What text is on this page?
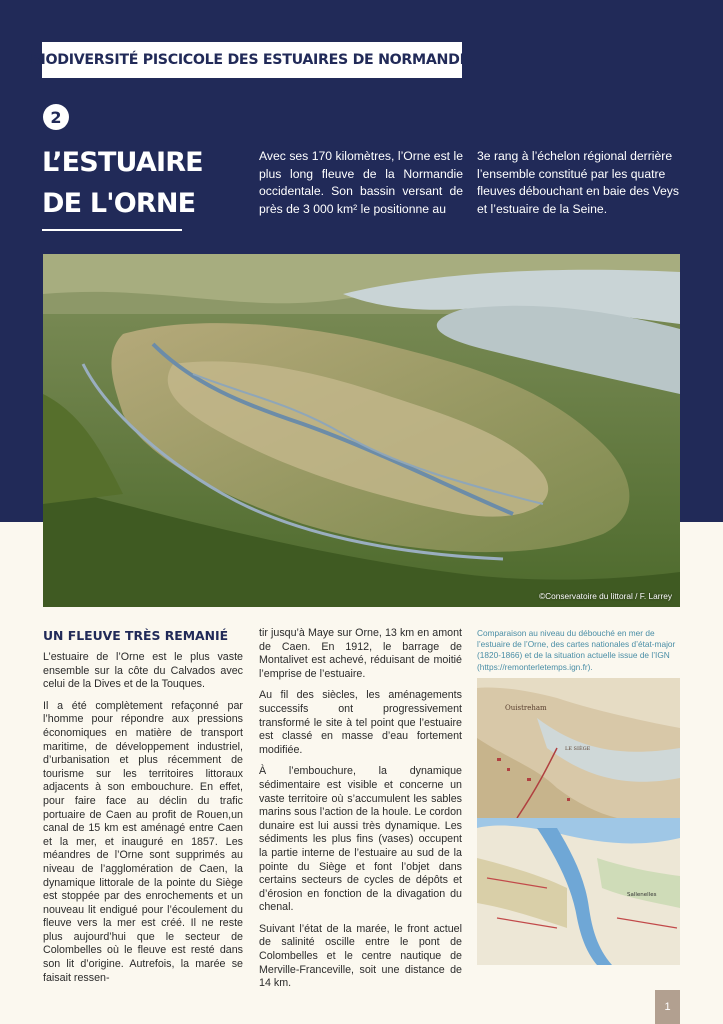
BIODIVERSITÉ PISCICOLE DES ESTUAIRES DE NORMANDIE
2
L’ESTUAIRE
DE L'ORNE
Avec ses 170 kilomètres, l’Orne est le plus long fleuve de la Normandie occidentale. Son bassin versant de près de 3 000 km² le positionne au
3e rang à l’échelon régional derrière l’ensemble constitué par les quatre fleuves débouchant en baie des Veys et l’estuaire de la Seine.
©Conservatoire du littoral / F. Larrey
UN FLEUVE TRÈS REMANIÉ

L’estuaire de l’Orne est le plus vaste ensemble sur la côte du Calvados avec celui de la Dives et de la Touques.

Il a été complètement refaçonné par l’homme pour répondre aux pressions économiques en matière de transport maritime, de développement industriel, d’urbanisation et plus récemment de tourisme sur les territoires littoraux adjacents à son embouchure. En effet, pour faire face au déclin du trafic portuaire de Caen au profit de Rouen,un canal de 15 km est aménagé entre Caen et la mer, et inauguré en 1857. Les méandres de l’Orne sont supprimés au niveau de l’agglomération de Caen, la dynamique littorale de la pointe du Siège est stoppée par des enrochements et un nouveau lit endigué pour l’écoulement du fleuve vers la mer est créé. Il ne reste plus aujourd’hui que le secteur de Colombelles où le fleuve est resté dans son lit d’origine. Autrefois, la marée se faisait ressen-

tir jusqu’à Maye sur Orne, 13 km en amont de Caen. En 1912, le barrage de Montalivet est achevé, réduisant de moitié l’emprise de l’estuaire.

Au fil des siècles, les aménagements successifs ont progressivement transformé le site à tel point que l’estuaire est classé en masse d’eau fortement modifiée.

À l’embouchure, la dynamique sédimentaire est visible et concerne un vaste territoire où s’accumulent les sables marins sous l’action de la houle. Le cordon dunaire est lui aussi très dynamique. Les sédiments les plus fins (vases) occupent la partie interne de l’estuaire au sud de la pointe du Siège et font l’objet dans certains secteurs de cycles de dépôts et d’érosion en fonction de la divagation du chenal.

Suivant l’état de la marée, le front actuel de salinité oscille entre le pont de Colombelles et le centre nautique de Merville-Franceville, soit une distance de 14 km.

Comparaison au niveau du débouché en mer de l’estuaire de l’Orne, des cartes nationales d’état-major (1820-1866) et de la situation actuelle issue de l’IGN (https://remonterletemps.ign.fr).
Ouistreham
LE SIÈGE
Sallenelles
1
